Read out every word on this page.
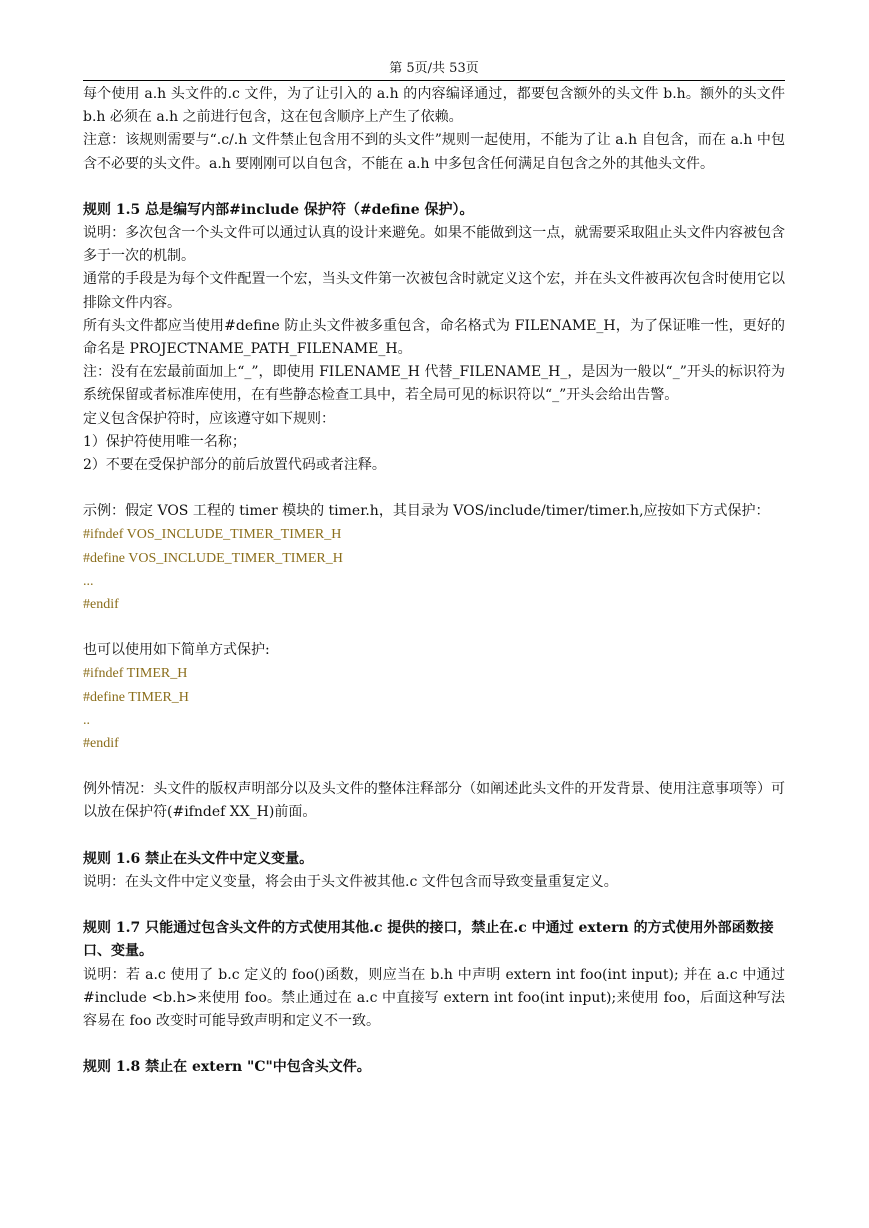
第 5页/共 53页
每个使用 a.h 头文件的.c 文件，为了让引入的 a.h 的内容编译通过，都要包含额外的头文件 b.h。额外的头文件 b.h 必须在 a.h 之前进行包含，这在包含顺序上产生了依赖。
注意：该规则需要与“.c/.h 文件禁止包含用不到的头文件”规则一起使用，不能为了让 a.h 自包含，而在 a.h 中包含不必要的头文件。a.h 要刚刚可以自包含，不能在 a.h 中多包含任何满足自包含之外的其他头文件。
规则 1.5 总是编写内部#include 保护符（#define 保护）。
说明：多次包含一个头文件可以通过认真的设计来避免。如果不能做到这一点，就需要采取阻止头文件内容被包含多于一次的机制。
通常的手段是为每个文件配置一个宏，当头文件第一次被包含时就定义这个宏，并在头文件被再次包含时使用它以排除文件内容。
所有头文件都应当使用#define 防止头文件被多重包含，命名格式为 FILENAME_H，为了保证唯一性，更好的命名是 PROJECTNAME_PATH_FILENAME_H。
注：没有在宏最前面加上“_”，即使用 FILENAME_H 代替_FILENAME_H_，是因为一般以“_”开头的标识符为系统保留或者标准库使用，在有些静态检查工具中，若全局可见的标识符以“_”开头会给出告警。
定义包含保护符时，应该遵守如下规则：
1）保护符使用唯一名称；
2）不要在受保护部分的前后放置代码或者注释。
示例：假定 VOS 工程的 timer 模块的 timer.h，其目录为 VOS/include/timer/timer.h,应按如下方式保护：
#ifndef VOS_INCLUDE_TIMER_TIMER_H
#define VOS_INCLUDE_TIMER_TIMER_H
...
#endif
也可以使用如下简单方式保护:
#ifndef TIMER_H
#define TIMER_H
..
#endif
例外情况：头文件的版权声明部分以及头文件的整体注释部分（如阐述此头文件的开发背景、使用注意事项等）可以放在保护符(#ifndef XX_H)前面。
规则 1.6 禁止在头文件中定义变量。
说明：在头文件中定义变量，将会由于头文件被其他.c 文件包含而导致变量重复定义。
规则 1.7 只能通过包含头文件的方式使用其他.c 提供的接口，禁止在.c 中通过 extern 的方式使用外部函数接口、变量。
说明：若 a.c 使用了 b.c 定义的 foo()函数，则应当在 b.h 中声明 extern int foo(int input); 并在 a.c 中通过#include <b.h>来使用 foo。禁止通过在 a.c 中直接写 extern int foo(int input);来使用 foo，后面这种写法容易在 foo 改变时可能导致声明和定义不一致。
规则 1.8 禁止在 extern "C"中包含头文件。
